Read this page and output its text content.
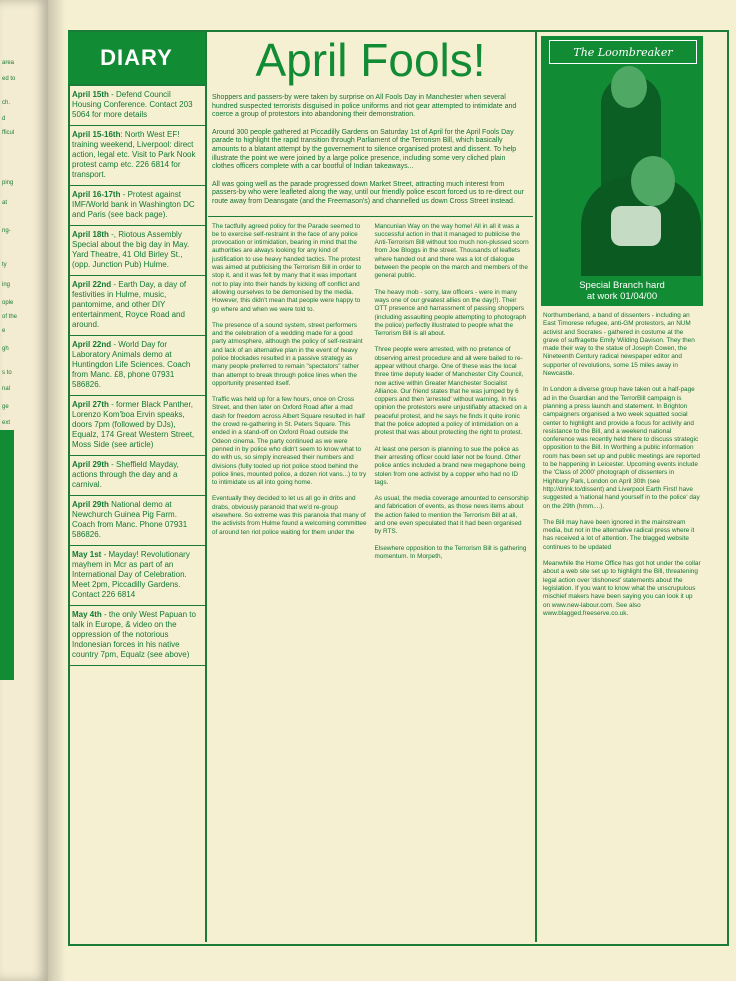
area
ed to
ch.
d
fficul
ping
at
ng-
ty
ing
ople
of the
e
gh
s to
nal
ge
ext
DIARY
April 15th - Defend Council Housing Conference. Contact 203 5064 for more details
April 15-16th: North West EF! training weekend, Liverpool: direct action, legal etc. Visit to Park Nook protest camp etc. 226 6814 for transport.
April 16-17th - Protest against IMF/World bank in Washington DC and Paris (see back page).
April 18th -, Riotous Assembly Special about the big day in May. Yard Theatre, 41 Old Birley St., (opp. Junction Pub) Hulme.
April 22nd - Earth Day, a day of festivities in Hulme, music, pantomime, and other DIY entertainment, Royce Road and around.
April 22nd - World Day for Laboratory Animals demo at Huntingdon Life Sciences. Coach from Manc. £8, phone 07931 586826.
April 27th - former Black Panther, Lorenzo Kom'boa Ervin speaks, doors 7pm (followed by DJs), Equalz, 174 Great Western Street, Moss Side (see article)
April 29th - Sheffield Mayday, actions through the day and a carnival.
April 29th National demo at Newchurch Guinea Pig Farm. Coach from Manc. Phone 07931 586826.
May 1st - Mayday! Revolutionary mayhem in Mcr as part of an International Day of Celebration. Meet 2pm, Piccadilly Gardens. Contact 226 6814
May 4th - the only West Papuan to talk in Europe, & video on the oppression of the notorious Indonesian forces in his native country 7pm, Equalz (see above)
April Fools!

Shoppers and passers-by were taken by surprise on All Fools Day in Manchester when several hundred suspected terrorists disguised in police uniforms and riot gear attempted to intimidate and coerce a group of protestors into abandoning their demonstration.

Around 300 people gathered at Piccadilly Gardens on Saturday 1st of April for the April Fools Day parade to highlight the rapid transition through Parliament of the Terrorism Bill, which basically amounts to a blatant attempt by the governement to silence organised protest and dissent. To help illustrate the point we were joined by a large police presence, including some very cliched plain clothes officers complete with a car bootful of Indian takeaways...

All was going well as the parade progressed down Market Street, attracting much interest from passers-by who were leafleted along the way, until our friendly police escort forced us to re-direct our route away from Deansgate (and the Freemason's) and channelled us down Cross Street instead.

The tactfully agreed policy for the Parade seemed to be to exercise self-restraint in the face of any police provocation or intimidation, bearing in mind that the authorities are always looking for any kind of justification to use heavy handed tactics. The protest was aimed at publicising the Terrorism Bill in order to stop it, and it was felt by many that it was important not to play into their hands by kicking off conflict and allowing ourselves to be demonised by the media. However, this didn't mean that people were happy to go where and when we were told to.

The presence of a sound system, street performers and the celebration of a wedding made for a good party atmosphere, although the policy of self-restraint and lack of an alternative plan in the event of heavy police blockades resulted in a passive strategy as many people preferred to remain "spectators" rather than attempt to break through police lines when the opportunity presented itself.

Traffic was held up for a few hours, once on Cross Street, and then later on Oxford Road after a mad dash for freedom across Albert Square resulted in half the crowd re-gathering in St. Peters Square. This ended in a stand-off on Oxford Road outside the Odeon cinema. The party continued as we were penned in by police who didn't seem to know what to do with us, so simply increased their numbers and divisions (fully tooled up riot police stood behind the police lines, mounted police, a dozen riot vans...) to try to intimidate us all into going home.

Eventually they decided to let us all go in dribs and drabs, obviously paranoid that we'd re-group elsewhere. So extreme was this paranoia that many of the activists from Hulme found a welcoming committee of around ten riot police waiting for them under the

Mancunian Way on the way home! All in all it was a successful action in that it managed to publicise the Anti-Terrorism Bill without too much non-plussed scorn from Joe Bloggs in the street. Thousands of leaflets where handed out and there was a lot of dialogue between the people on the march and members of the general public.

The heavy mob - sorry, law officers - were in many ways one of our greatest allies on the day(!). Their OTT presence and harrassment of passing shoppers (including assaulting people attempting to photograph the police) perfectly illustrated to people what the Terrorism Bill is all about.

Three people were arrested, with no pretence of observing arrest procedure and all were bailed to re-appear without charge. One of these was the local three time deputy leader of Manchester City Council, now active within Greater Manchester Socialist Alliance. Our friend states that he was jumped by 6 coppers and then 'arrested' without warning. In his opinion the protestors were unjustifiably attacked on a peaceful protest, and he says he finds it quite ironic that the police adopted a policy of intimidation on a protest that was about protecting the right to protest.

At least one person is planning to sue the police as their arresting officer could later not be found. Other police antics included a brand new megaphone being stolen from one activist by a copper who had no ID tags.

As usual, the media coverage amounted to censorship and fabrication of events, as those news items about the action failed to mention the Terrorism Bill at all, and one even speculated that it had been organised by RTS.

Elsewhere opposition to the Terrorism Bill is gathering momentum. In Morpeth,

The Loombreaker
Special Branch hard
at work 01/04/00

Northumberland, a band of dissenters - including an East Timorese refugee, anti-GM protestors, an NUM activist and Socrates - gathered in costume at the grave of suffragette Emily Wilding Davison. They then made their way to the statue of Joseph Cowen, the Nineteenth Century radical newspaper editor and supporter of revolutions, some 15 miles away in Newcastle.

In London a diverse group have taken out a half-page ad in the Guardian and the TerrorBill campaign is planning a press launch and statement. In Brighton campaigners organised a two week squatted social center to highlight and provide a focus for activity and resistance to the Bill, and a weekend national conference was recently held there to discuss strategic opposition to the Bill. In Worthing a public information room has been set up and public meetings are reported to be happening in Leicester. Upcoming events include the 'Class of 2000' photograph of dissenters in Highbury Park, London on April 30th (see http://drink.to/dissent) and Liverpool Earth First! have suggested a 'national hand yourself in to the police' day on the 29th (hmm....).

The Bill may have been ignored in the mainstream media, but not in the alternative radical press where it has received a lot of attention. The blagged website continues to be updated

Meanwhile the Home Office has got hot under the collar about a web site set up to highlight the Bill, threatening legal action over 'dishonest' statements about the legislation. If you want to know what the unscrupulous mischief makers have been saying you can look it up on www.new-labour.com. See also www.blagged.freeserve.co.uk.
